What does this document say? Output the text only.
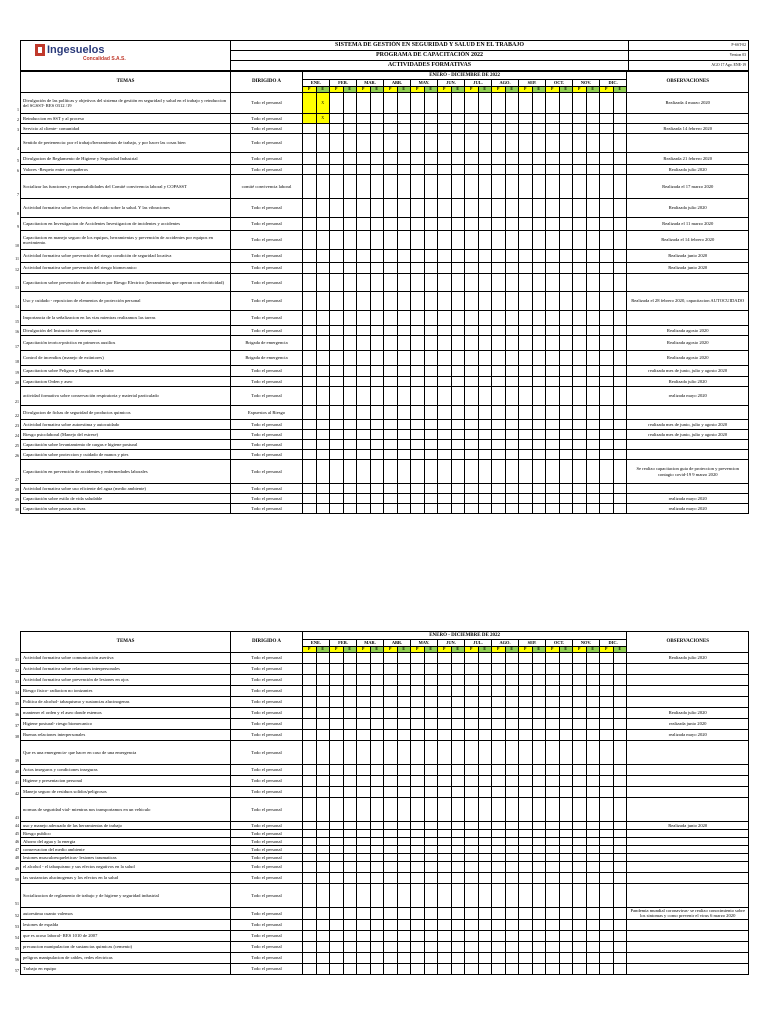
Ingesuelos
Concalidad S.A.S.	SISTEMA DE GESTIÓN EN SEGURIDAD Y SALUD EN EL TRABAJO	P-SST-02
	PROGRAMA DE CAPACITACIÓN 2022	Version 03
	ACTIVIDADES FORMATIVAS	AGO 17 Ago. ENE-19
TEMAS	DIRIGIDO A	ENERO - DICIEMBRE DE 2022																								OBSERVACIONES
		ENE.		FEB.		MAR.		ABR.		MAY.		JUN.		JUL.		AGO.		SEP.		OCT.		NOV.		DIC.		
		P	E	P	E	P	E	P	E	P	E	P	E	P	E	P	E	P	E	P	E	P	E	P	E	

1
Divulgación de las políticas y objetivos del sistema de gestión en seguridad y salud en el trabajo y reinduccion del SGSST- RES 0312 /19	Todo el personal		X																							Realizada 4 marzo 2020

2 Reinduccion en SST y al proceso	Todo el personal		X																							

3 Servicio al cliente- comunidad	Todo el personal																									Realizada 14 febrero 2020

4
Sentido de pertenencia: por el trabajo/herramientas de trabajo, y por hacer las cosas bien	Todo el personal																									

5
Divulgacion de Reglamento de Higiene y Seguridad Industrial	Todo el personal																									Realizada 21 febrero 2020

6 Valores -Respeto entre compañeros	Todo el personal																									Realizada julio 2020

7
Socializar las funciones y responsabilidades del Comité convivencia laboral y COPASST	comité convivencia laboral																									Realizada el 17 marzo 2020

8
Actividad formativa sobre los efectos del ruido sobre la salud. Y las vibraciones	Todo el personal																									Realizada julio 2020

9
Capacitacion en Investigacion de Accidentes Investigacion de incidentes y accidentes	Todo el personal																									Realizada el 11 marzo 2020

10
Capacitacion en manejo seguro de los equipos, herramientas y prevención de accidentes por equipos en movimiento.	Todo el personal																									Realizada el 14 febrero 2020

11
Actividad formativa sobre prevención del riesgo condición de seguridad locativa	Todo el personal																									Realizada junio 2020

12 Actividad formativa sobre prevención del riesgo biomecanico	Todo el personal																									Realizada junio 2020

13
Capacitacion sobre prevención de accidentes por Riesgo Electrico (herramientas que operan con electricidad)	Todo el personal																									

14
Uso y cuidado - reposicion de elementos de protección personal	Todo el personal																									Realizada el 28 febrero 2020, capacitacion AUTOCUIDADO

15
Importancia de la señalizacion en las vias mientras realizamos las tareas	Todo el personal																									

16 Divulgación del Instructivo de emergencia	Todo el personal																									Realizada agosto 2020

17
Capacitación teorica-práctica en primeros auxilios	Brigada de emergencia																									Realizada agosto 2020

18
Control de incendios (manejo de extintores)	Brigada de emergencia																									Realizada agosto 2020

19 Capacitacion sobre Peligros y Riesgos en la labor	Todo el personal																									realizada mes de junio, julio y agosto 2020

20 Capacitacion Orden y aseo	Todo el personal																									Realizada julio 2020

21
actividad formativa sobre conservación respiratoria y material particulado	Todo el personal																									realizada mayo 2020

22
Divulgacion de fichas de seguridad de productos quimicos	Expuestos al Riesgo																									

23 Actividad formativa sobre autoestima y autocuidado	Todo el personal																									realizada mes de junio, julio y agosto 2020

24 Riesgo psicolaboral (Manejo del estrese)	Todo el personal																									realizada mes de junio, julio y agosto 2020

25 Capacitación sobre levantamiento de cargas e higiene postural	Todo el personal																									

26 Capacitación sobre proteccion y cuidado de manos y pies	Todo el personal																									

27
Capacitación en prevención de accidentes y enfermedades laborales	Todo el personal																									Se realizo capacitacion guia de proteccion y prevencion contagio covid-19 9 marzo 2020

28 Actividad formativa sobre uso eficiente del agua (medio ambiente)	Todo el personal																									

29 Capacitación sobre estilo de vida saludable	Todo el personal																									realizada mayo 2020

30 Capacitación sobre pausas activas	Todo el personal																									realizada mayo 2020
TEMAS	DIRIGIDO A	ENERO - DICIEMBRE DE 2022																								OBSERVACIONES
		ENE.		FEB.		MAR.		ABR.		MAY.		JUN.		JUL.		AGO.		SEP.		OCT.		NOV.		DIC.		
		P	E	P	E	P	E	P	E	P	E	P	E	P	E	P	E	P	E	P	E	P	E	P	E	

31 Actividad formativa sobre comunicación asertiva	Todo el personal																									Realizada julio 2020

32 Actividad formativa sobre relaciones interpersonales	Todo el personal																									

33 Actividad formativa sobre prevención de lesiones en ojos	Todo el personal																									

34 Riesgo fisico- radiacion no ionizantes	Todo el personal																									

35 Politica de alcohol- tabaquismo y sustancias alucinogenas	Todo el personal																									

36 mantener el orden y el aseo donde estemos	Todo el personal																									Realizada julio 2020

37 Higiene postural- riesgo biomecanico	Todo el personal																									realizada junio 2020

38 Buenas relaciones interpersonales	Todo el personal																									realizada mayo 2020

39
Que es una emergencia- que hacer en caso de una emergencia	Todo el personal																									

40 Actos inseguros y condiciones inseguras	Todo el personal																									

41 Higiene y presentacion personal	Todo el personal																									

42 Manejo seguro de residuos solidos/peligrosos	Todo el personal																									

43
normas de seguridad vial- mientras nos transportamos en un vehiculo	Todo el personal																									

44 uso y manejo adecuado de las herramientas de trabajo	Todo el personal																									Realizada junio 2020

45 Riesgo publico	Todo el personal																									

46 Ahorro del agua y la energia	Todo el personal																									

47 conservacion del medio ambiente	Todo el personal																									

48 lesiones musculoesqueleticas- lesiones traumaticas	Todo el personal																									

49 el alcohol - el tabaquismo y sus efectos negativos en la salud	Todo el personal																									

50 las sustancias alucinogenas y los efectos en la salud	Todo el personal																									

51
Socializacion de reglamento de trabajo y de higiene y seguridad industrial	Todo el personal																									

52 autoestima cuanto valemos	Todo el personal																									Pandemia mundial coronavirus- se realizo conocimiento sobre los sintomas y como prevenir el virus 6 marzo 2020

53 lesiones de espalda	Todo el personal																									

54 que es acoso laboral- RES 1010 de 2007	Todo el personal																									

55 precaucion manipulacion de sustancias quimicas (cemento)	Todo el personal																									

56 peligros manipulacion de cables, redes electricas	Todo el personal																									

57 Trabajo en equipo	Todo el personal																									
